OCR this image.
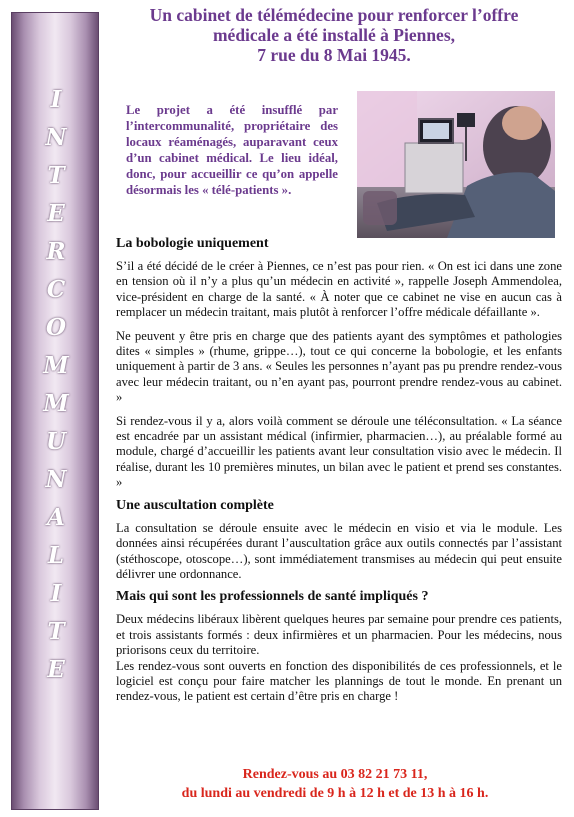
I
N
T
E
R
C
O
M
M
U
N
A
L
I
T
E
Un cabinet de télémédecine pour renforcer l’offre
médicale a été installé à Piennes,
7 rue du 8 Mai 1945.
Le projet a été insufflé par l’intercommunalité, propriétaire des locaux réaménagés, auparavant ceux d’un cabinet médical. Le lieu idéal, donc, pour accueillir ce qu’on appelle désormais les « télé-patients ».
La bobologie uniquement

S’il a été décidé de le créer à Piennes, ce n’est pas pour rien. « On est ici dans une zone en tension où il n’y a plus qu’un médecin en activité », rappelle Joseph Ammendolea, vice-président en charge de la santé. « À noter que ce cabinet ne vise en aucun cas à remplacer un médecin traitant, mais plutôt à renforcer l’offre médicale défaillante ».

Ne peuvent y être pris en charge que des patients ayant des symptômes et pathologies dites « simples » (rhume, grippe…), tout ce qui concerne la bobologie, et les enfants uniquement à partir de 3 ans. « Seules les personnes n’ayant pas pu prendre rendez-vous avec leur médecin traitant, ou n’en ayant pas, pourront prendre rendez-vous au cabinet. »

Si rendez-vous il y a, alors voilà comment se déroule une téléconsultation. « La séance est encadrée par un assistant médical (infirmier, pharmacien…), au préalable formé au module, chargé d’accueillir les patients avant leur consultation visio avec le médecin. Il réalise, durant les 10 premières minutes, un bilan avec le patient et prend ses constantes. »

Une auscultation complète

La consultation se déroule ensuite avec le médecin en visio et via le module. Les données ainsi récupérées durant l’auscultation grâce aux outils connectés par l’assistant (stéthoscope, otoscope…), sont immédiatement transmises au médecin qui peut ensuite délivrer une ordonnance.

Mais qui sont les professionnels de santé impliqués ?

Deux médecins libéraux libèrent quelques heures par semaine pour prendre ces patients, et trois assistants formés : deux infirmières et un pharmacien. Pour les médecins, nous priorisons ceux du territoire.

Les rendez-vous sont ouverts en fonction des disponibilités de ces professionnels, et le logiciel est conçu pour faire matcher les plannings de tout le monde. En prenant un rendez-vous, le patient est certain d’être pris en charge !

Rendez-vous au 03 82 21 73 11,
du lundi au vendredi de 9 h à 12 h et de 13 h à 16 h.
